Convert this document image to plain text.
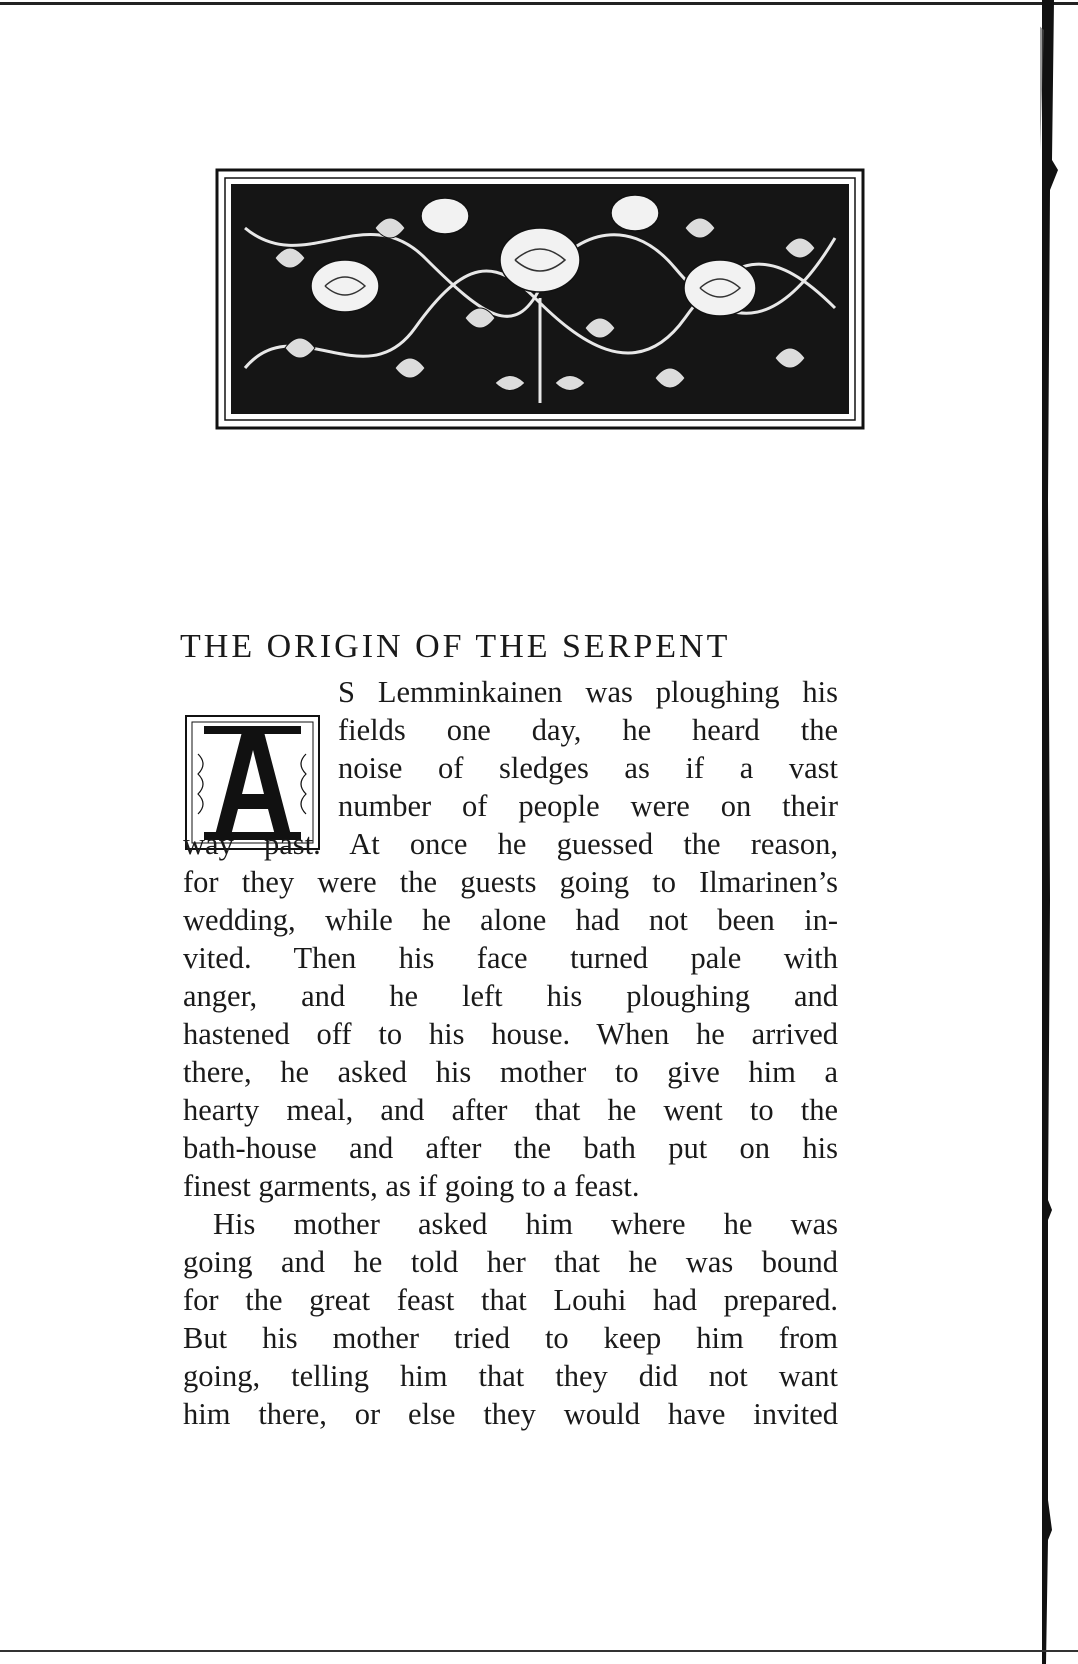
THE ORIGIN OF THE SERPENT
A
S Lemminkainen was ploughing his
fields one day, he heard the
noise of sledges as if a vast
number of people were on their
way past. At once he guessed the reason,
for they were the guests going to Ilmarinen’s
wedding, while he alone had not been in-
vited. Then his face turned pale with
anger, and he left his ploughing and
hastened off to his house. When he arrived
there, he asked his mother to give him a
hearty meal, and after that he went to the
bath-house and after the bath put on his
finest garments, as if going to a feast.
His mother asked him where he was
going and he told her that he was bound
for the great feast that Louhi had prepared.
But his mother tried to keep him from
going, telling him that they did not want
him there, or else they would have invited
